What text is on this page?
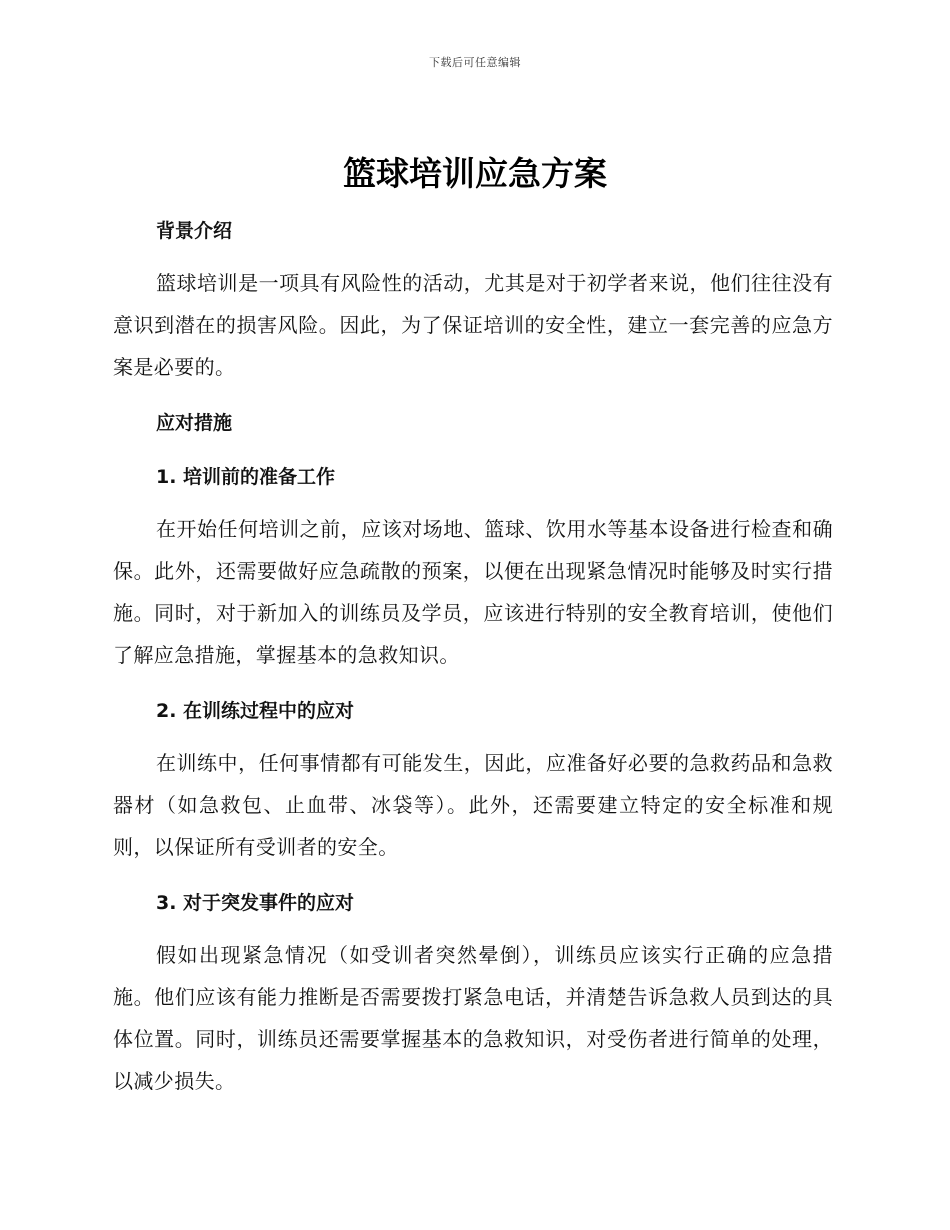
下载后可任意编辑
篮球培训应急方案
背景介绍

篮球培训是一项具有风险性的活动，尤其是对于初学者来说，他们往往没有意识到潜在的损害风险。因此，为了保证培训的安全性，建立一套完善的应急方案是必要的。

应对措施
1. 培训前的准备工作

在开始任何培训之前，应该对场地、篮球、饮用水等基本设备进行检查和确保。此外，还需要做好应急疏散的预案，以便在出现紧急情况时能够及时实行措施。同时，对于新加入的训练员及学员，应该进行特别的安全教育培训，使他们了解应急措施，掌握基本的急救知识。

2. 在训练过程中的应对

在训练中，任何事情都有可能发生，因此，应准备好必要的急救药品和急救器材（如急救包、止血带、冰袋等）。此外，还需要建立特定的安全标准和规则，以保证所有受训者的安全。

3. 对于突发事件的应对

假如出现紧急情况（如受训者突然晕倒），训练员应该实行正确的应急措施。他们应该有能力推断是否需要拨打紧急电话，并清楚告诉急救人员到达的具体位置。同时，训练员还需要掌握基本的急救知识，对受伤者进行简单的处理，以减少损失。
